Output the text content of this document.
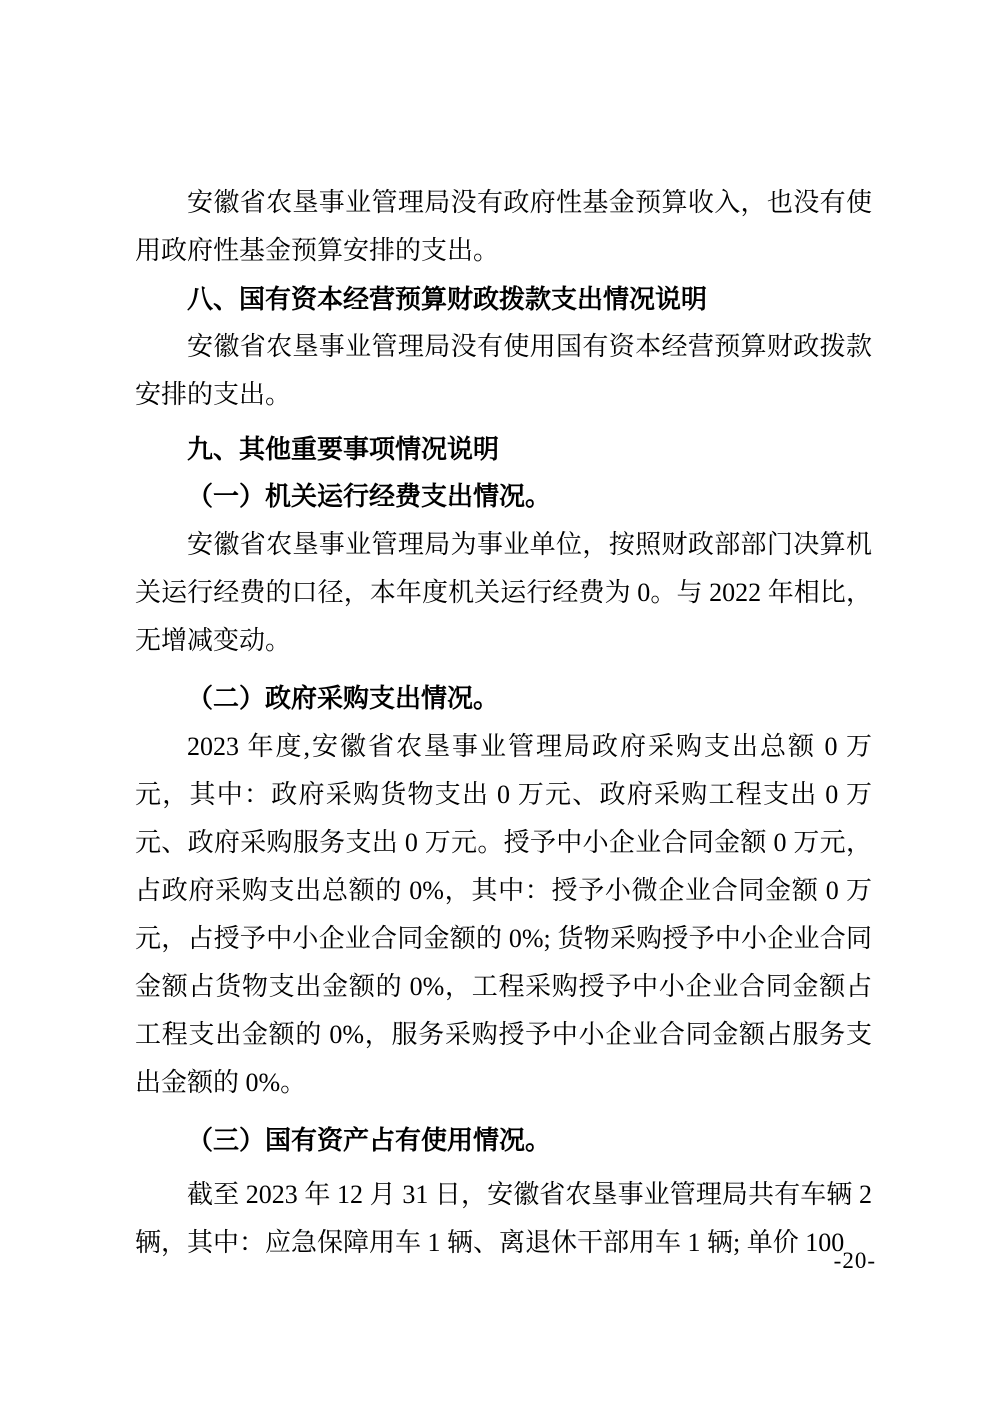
安徽省农垦事业管理局没有政府性基金预算收入，也没有使用政府性基金预算安排的支出。

八、国有资本经营预算财政拨款支出情况说明

安徽省农垦事业管理局没有使用国有资本经营预算财政拨款安排的支出。

九、其他重要事项情况说明
（一）机关运行经费支出情况。

安徽省农垦事业管理局为事业单位，按照财政部部门决算机关运行经费的口径，本年度机关运行经费为 0。与 2022 年相比，无增减变动。

（二）政府采购支出情况。

2023 年度,安徽省农垦事业管理局政府采购支出总额 0 万元，其中：政府采购货物支出 0 万元、政府采购工程支出 0 万元、政府采购服务支出 0 万元。授予中小企业合同金额 0 万元，占政府采购支出总额的 0%，其中：授予小微企业合同金额 0 万元，占授予中小企业合同金额的 0%; 货物采购授予中小企业合同金额占货物支出金额的 0%，工程采购授予中小企业合同金额占工程支出金额的 0%，服务采购授予中小企业合同金额占服务支出金额的 0%。

（三）国有资产占有使用情况。

截至 2023 年 12 月 31 日，安徽省农垦事业管理局共有车辆 2 辆，其中：应急保障用车 1 辆、离退休干部用车 1 辆; 单价 100

-20-
